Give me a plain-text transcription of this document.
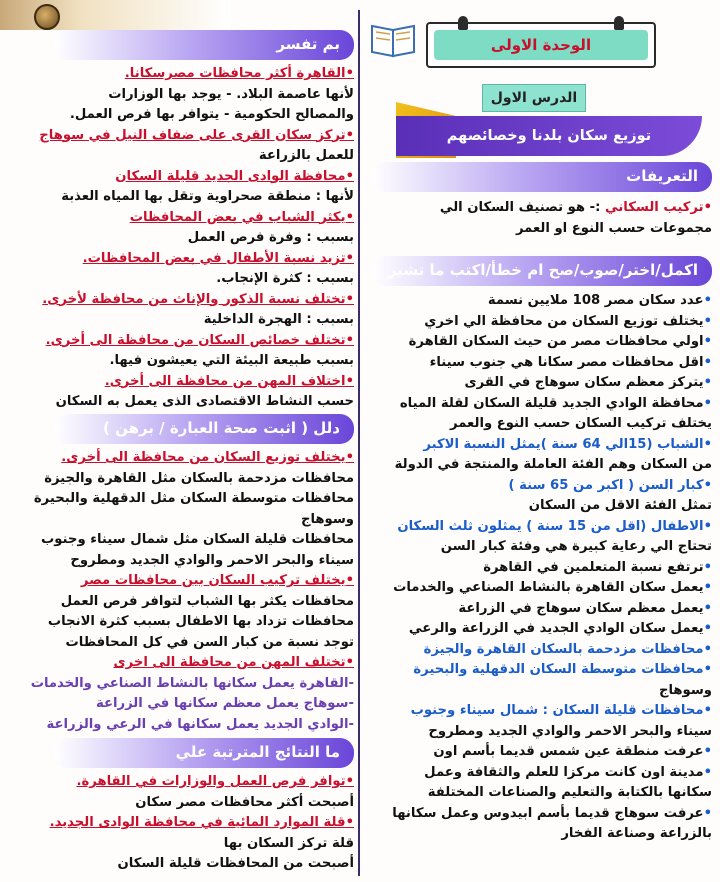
الوحدة الاولى
الدرس الاول
توزيع سكان بلدنا وخصائصهم
التعريفات
• تركيب السكاني :- هو تصنيف السكان الي
مجموعات حسب النوع او العمر
اكمل/اختر/صوب/صح ام خطأ/اكتب ما تشير
• عدد سكان مصر 108 ملايين نسمة
• يختلف توزيع السكان من محافظة الي اخري
• اولي محافظات مصر من حيث السكان القاهرة
• اقل محافظات مصر سكانا هي جنوب سيناء
• يتركز معظم سكان سوهاج في القرى
• محافظة الوادي الجديد قليلة السكان لقلة المياه
يختلف تركيب السكان حسب النوع والعمر
• الشباب (15الي 64 سنة )يمثل النسبة الاكبر
من السكان وهم الفئة العاملة والمنتجة في الدولة
• كبار السن ( اكبر من 65 سنة )
تمثل الفئة الاقل من السكان
• الاطفال (اقل من 15 سنة ) يمثلون ثلث السكان
تحتاج الي رعاية كبيرة هي وفئة كبار السن
• ترتفع نسبة المتعلمين في القاهرة
• يعمل سكان القاهرة بالنشاط الصناعي والخدمات
• يعمل معظم سكان سوهاج في الزراعة
• يعمل سكان الوادي الجديد في الزراعة والرعي
• محافظات مزدحمة بالسكان القاهرة والجيزة
• محافظات متوسطة السكان الدقهلية والبحيرة
وسوهاج
• محافظات قليلة السكان : شمال سيناء وجنوب
سيناء والبحر الاحمر والوادي الجديد ومطروح
• عرفت منطقة عين شمس قديما بأسم اون
• مدينة اون كانت مركزا للعلم والثقافة وعمل
سكانها بالكتابة والتعليم والصناعات المختلفة
• عرفت سوهاج قديما بأسم ابيدوس وعمل سكانها
بالزراعة وصناعة الفخار
بم تفسر
• القاهرة أكثر محافظات مصرسكانا.
لأنها عاصمة البلاد. - يوجد بها الوزارات
والمصالح الحكومية - يتوافر بها فرص العمل.
• تركز سكان القرى على ضفاف النيل في سوهاج
للعمل بالزراعة
• محافظة الوادى الجديد قليلة السكان
لأنها : منطقة صحراوية وتقل بها المياه العذبة
• يكثر الشباب في بعض المحافظات
بسبب : وفرة فرص العمل
• تزيد نسبة الأطفال في بعض المحافظات.
بسبب : كثرة الإنجاب.
• تختلف نسبة الذكور والإناث من محافظة لأخرى.
بسبب : الهجرة الداخلية
• تختلف خصائص السكان من محافظة الى أخرى.
بسبب طبيعة البيئة التي يعيشون فيها.
• اختلاف المهن من محافظة الى أخرى.
حسب النشاط الاقتصادى الذى يعمل به السكان
دلل ( اثبت صحة العبارة / برهن )
• يختلف توزيع السكان من محافظة الى أخرى.
محافظات مزدحمة بالسكان مثل القاهرة والجيزة
محافظات متوسطة السكان مثل الدقهلية والبحيرة
وسوهاج
محافظات قليلة السكان مثل شمال سيناء وجنوب
سيناء والبحر الاحمر والوادي الجديد ومطروح
• يختلف تركيب السكان بين محافظات مصر
محافظات يكثر بها الشباب لتوافر فرص العمل
محافظات تزداد بها الاطفال بسبب كثرة الانجاب
توجد نسبة من كبار السن في كل المحافظات
• تختلف المهن من محافظة الى اخرى
-القاهرة يعمل سكانها بالنشاط الصناعي والخدمات
-سوهاج يعمل معظم سكانها في الزراعة
-الوادي الجديد يعمل سكانها في الرعي والزراعة
ما النتائج المترتبة علي
• توافر فرص العمل والوزارات في القاهرة.
أصبحت أكثر محافظات مصر سكان
• قلة الموارد المائية في محافظة الوادى الجديد.
قلة تركز السكان بها
أصبحت من المحافظات قليلة السكان
